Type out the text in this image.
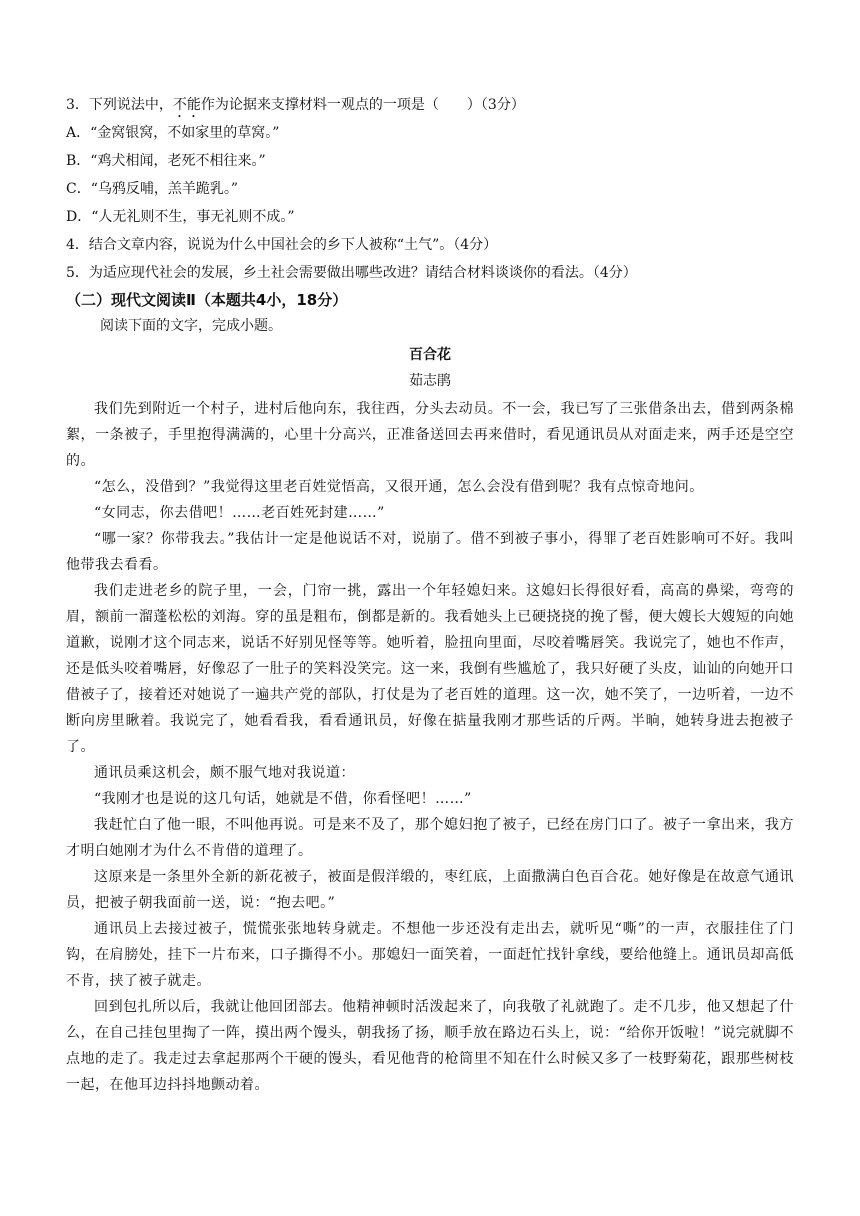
3．下列说法中，不能作为论据来支撑材料一观点的一项是（　　）（3分）
A．“金窝银窝，不如家里的草窝。”
B．“鸡犬相闻，老死不相往来。”
C．“乌鸦反哺，羔羊跪乳。”
D．“人无礼则不生，事无礼则不成。”
4．结合文章内容，说说为什么中国社会的乡下人被称“土气”。（4分）
5．为适应现代社会的发展，乡土社会需要做出哪些改进？请结合材料谈谈你的看法。（4分）
（二）现代文阅读Ⅱ（本题共4小，18分）
阅读下面的文字，完成小题。
百合花
茹志鹃

我们先到附近一个村子，进村后他向东，我往西，分头去动员。不一会，我已写了三张借条出去，借到两条棉絮，一条被子，手里抱得满满的，心里十分高兴，正准备送回去再来借时，看见通讯员从对面走来，两手还是空空的。

“怎么，没借到？”我觉得这里老百姓觉悟高，又很开通，怎么会没有借到呢？我有点惊奇地问。

“女同志，你去借吧！……老百姓死封建……”

“哪一家？你带我去。”我估计一定是他说话不对，说崩了。借不到被子事小，得罪了老百姓影响可不好。我叫他带我去看看。

我们走进老乡的院子里，一会，门帘一挑，露出一个年轻媳妇来。这媳妇长得很好看，高高的鼻梁，弯弯的眉，额前一溜蓬松松的刘海。穿的虽是粗布，倒都是新的。我看她头上已硬挠挠的挽了髻，便大嫂长大嫂短的向她道歉，说刚才这个同志来，说话不好别见怪等等。她听着，脸扭向里面，尽咬着嘴唇笑。我说完了，她也不作声，还是低头咬着嘴唇，好像忍了一肚子的笑料没笑完。这一来，我倒有些尴尬了，我只好硬了头皮，讪讪的向她开口借被子了，接着还对她说了一遍共产党的部队，打仗是为了老百姓的道理。这一次，她不笑了，一边听着，一边不断向房里瞅着。我说完了，她看看我，看看通讯员，好像在掂量我刚才那些话的斤两。半晌，她转身进去抱被子了。

通讯员乘这机会，颇不服气地对我说道：

“我刚才也是说的这几句话，她就是不借，你看怪吧！……”

我赶忙白了他一眼，不叫他再说。可是来不及了，那个媳妇抱了被子，已经在房门口了。被子一拿出来，我方才明白她刚才为什么不肯借的道理了。

这原来是一条里外全新的新花被子，被面是假洋缎的，枣红底，上面撒满白色百合花。她好像是在故意气通讯员，把被子朝我面前一送，说：“抱去吧。”

通讯员上去接过被子，慌慌张张地转身就走。不想他一步还没有走出去，就听见“嘶”的一声，衣服挂住了门钩，在肩膀处，挂下一片布来，口子撕得不小。那媳妇一面笑着，一面赶忙找针拿线，要给他缝上。通讯员却高低不肯，挟了被子就走。

回到包扎所以后，我就让他回团部去。他精神顿时活泼起来了，向我敬了礼就跑了。走不几步，他又想起了什么，在自己挂包里掏了一阵，摸出两个馒头，朝我扬了扬，顺手放在路边石头上，说：“给你开饭啦！”说完就脚不点地的走了。我走过去拿起那两个干硬的馒头，看见他背的枪筒里不知在什么时候又多了一枝野菊花，跟那些树枝一起，在他耳边抖抖地颤动着。
